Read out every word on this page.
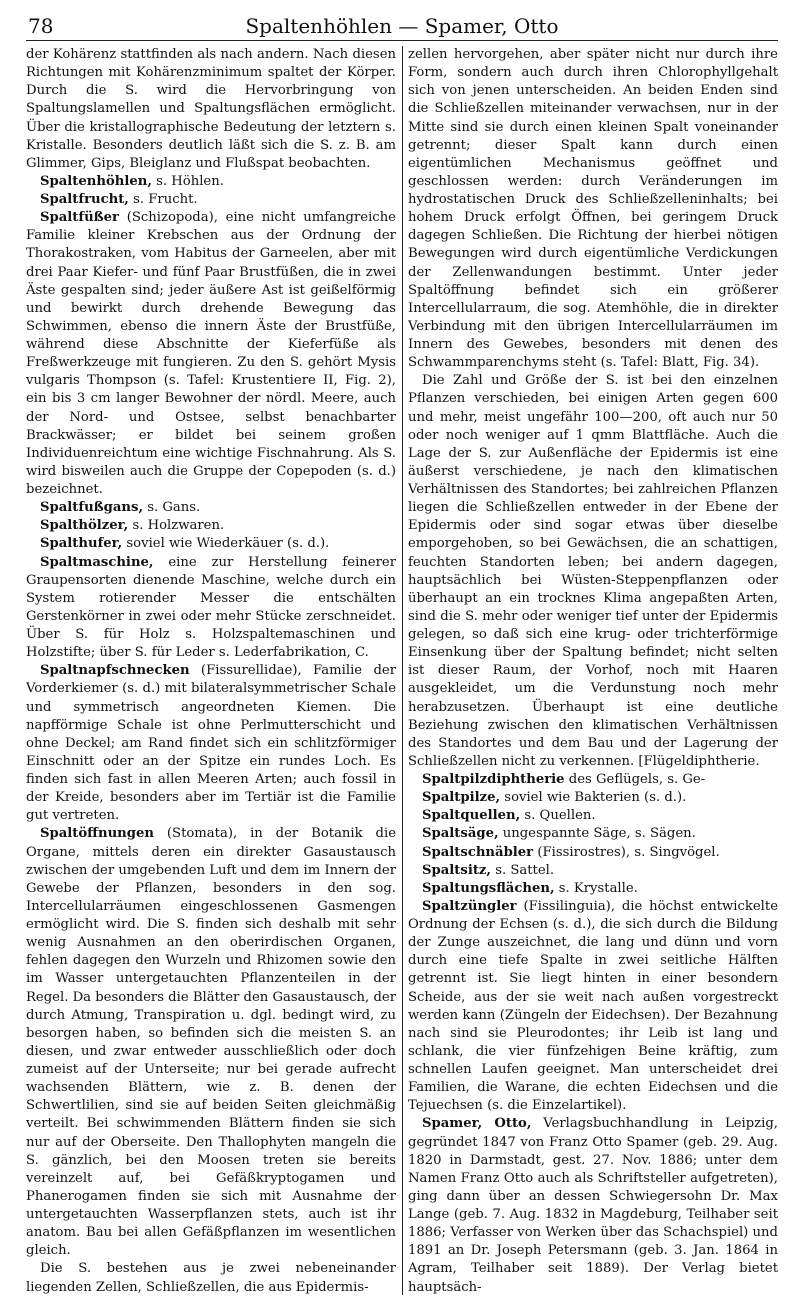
78	Spaltenhöhlen — Spamer, Otto

der Kohärenz stattfinden als nach andern. Nach diesen Richtungen mit Kohärenzminimum spaltet der Körper. Durch die S. wird die Hervorbringung von Spaltungslamellen und Spaltungsflächen ermöglicht. Über die kristallographische Bedeutung der letztern s. Kristalle. Besonders deutlich läßt sich die S. z. B. am Glimmer, Gips, Bleiglanz und Flußspat beobachten.

Spaltenhöhlen, s. Höhlen.

Spaltfrucht, s. Frucht.

Spaltfüßer (Schizopoda), eine nicht umfangreiche Familie kleiner Krebschen aus der Ordnung der Thorakostraken, vom Habitus der Garneelen, aber mit drei Paar Kiefer- und fünf Paar Brustfüßen, die in zwei Äste gespalten sind; jeder äußere Ast ist geißelförmig und bewirkt durch drehende Bewegung das Schwimmen, ebenso die innern Äste der Brustfüße, während diese Abschnitte der Kieferfüße als Freßwerkzeuge mit fungieren. Zu den S. gehört Mysis vulgaris Thompson (s. Tafel: Krustentiere II, Fig. 2), ein bis 3 cm langer Bewohner der nördl. Meere, auch der Nord- und Ostsee, selbst benachbarter Brackwässer; er bildet bei seinem großen Individuenreichtum eine wichtige Fischnahrung. Als S. wird bisweilen auch die Gruppe der Copepoden (s. d.) bezeichnet.

Spaltfußgans, s. Gans.

Spalthölzer, s. Holzwaren.

Spalthufer, soviel wie Wiederkäuer (s. d.).

Spaltmaschine, eine zur Herstellung feinerer Graupensorten dienende Maschine, welche durch ein System rotierender Messer die entschälten Gerstenkörner in zwei oder mehr Stücke zerschneidet. Über S. für Holz s. Holzspaltemaschinen und Holzstifte; über S. für Leder s. Lederfabrikation, C.

Spaltnapfschnecken (Fissurellidae), Familie der Vorderkiemer (s. d.) mit bilateralsymmetrischer Schale und symmetrisch angeordneten Kiemen. Die napfförmige Schale ist ohne Perlmutterschicht und ohne Deckel; am Rand findet sich ein schlitzförmiger Einschnitt oder an der Spitze ein rundes Loch. Es finden sich fast in allen Meeren Arten; auch fossil in der Kreide, besonders aber im Tertiär ist die Familie gut vertreten.

Spaltöffnungen (Stomata), in der Botanik die Organe, mittels deren ein direkter Gasaustausch zwischen der umgebenden Luft und dem im Innern der Gewebe der Pflanzen, besonders in den sog. Intercellularräumen eingeschlossenen Gasmengen ermöglicht wird. Die S. finden sich deshalb mit sehr wenig Ausnahmen an den oberirdischen Organen, fehlen dagegen den Wurzeln und Rhizomen sowie den im Wasser untergetauchten Pflanzenteilen in der Regel. Da besonders die Blätter den Gasaustausch, der durch Atmung, Transpiration u. dgl. bedingt wird, zu besorgen haben, so befinden sich die meisten S. an diesen, und zwar entweder ausschließlich oder doch zumeist auf der Unterseite; nur bei gerade aufrecht wachsenden Blättern, wie z. B. denen der Schwertlilien, sind sie auf beiden Seiten gleichmäßig verteilt. Bei schwimmenden Blättern finden sie sich nur auf der Oberseite. Den Thallophyten mangeln die S. gänzlich, bei den Moosen treten sie bereits vereinzelt auf, bei Gefäßkryptogamen und Phanerogamen finden sie sich mit Ausnahme der untergetauchten Wasserpflanzen stets, auch ist ihr anatom. Bau bei allen Gefäßpflanzen im wesentlichen gleich.

Die S. bestehen aus je zwei nebeneinander liegenden Zellen, Schließzellen, die aus Epidermis-

zellen hervorgehen, aber später nicht nur durch ihre Form, sondern auch durch ihren Chlorophyllgehalt sich von jenen unterscheiden. An beiden Enden sind die Schließzellen miteinander verwachsen, nur in der Mitte sind sie durch einen kleinen Spalt voneinander getrennt; dieser Spalt kann durch einen eigentümlichen Mechanismus geöffnet und geschlossen werden: durch Veränderungen im hydrostatischen Druck des Schließzelleninhalts; bei hohem Druck erfolgt Öffnen, bei geringem Druck dagegen Schließen. Die Richtung der hierbei nötigen Bewegungen wird durch eigentümliche Verdickungen der Zellenwandungen bestimmt. Unter jeder Spaltöffnung befindet sich ein größerer Intercellularraum, die sog. Atemhöhle, die in direkter Verbindung mit den übrigen Intercellularräumen im Innern des Gewebes, besonders mit denen des Schwammparenchyms steht (s. Tafel: Blatt, Fig. 34).

Die Zahl und Größe der S. ist bei den einzelnen Pflanzen verschieden, bei einigen Arten gegen 600 und mehr, meist ungefähr 100—200, oft auch nur 50 oder noch weniger auf 1 qmm Blattfläche. Auch die Lage der S. zur Außenfläche der Epidermis ist eine äußerst verschiedene, je nach den klimatischen Verhältnissen des Standortes; bei zahlreichen Pflanzen liegen die Schließzellen entweder in der Ebene der Epidermis oder sind sogar etwas über dieselbe emporgehoben, so bei Gewächsen, die an schattigen, feuchten Standorten leben; bei andern dagegen, hauptsächlich bei Wüsten-Steppenpflanzen oder überhaupt an ein trocknes Klima angepaßten Arten, sind die S. mehr oder weniger tief unter der Epidermis gelegen, so daß sich eine krug- oder trichterförmige Einsenkung über der Spaltung befindet; nicht selten ist dieser Raum, der Vorhof, noch mit Haaren ausgekleidet, um die Verdunstung noch mehr herabzusetzen. Überhaupt ist eine deutliche Beziehung zwischen den klimatischen Verhältnissen des Standortes und dem Bau und der Lagerung der Schließzellen nicht zu verkennen. [Flügeldiphtherie.

Spaltpilzdiphtherie des Geflügels, s. Ge-

Spaltpilze, soviel wie Bakterien (s. d.).

Spaltquellen, s. Quellen.

Spaltsäge, ungespannte Säge, s. Sägen.

Spaltschnäbler (Fissirostres), s. Singvögel.

Spaltsitz, s. Sattel.

Spaltungsflächen, s. Krystalle.

Spaltzüngler (Fissilinguia), die höchst entwickelte Ordnung der Echsen (s. d.), die sich durch die Bildung der Zunge auszeichnet, die lang und dünn und vorn durch eine tiefe Spalte in zwei seitliche Hälften getrennt ist. Sie liegt hinten in einer besondern Scheide, aus der sie weit nach außen vorgestreckt werden kann (Züngeln der Eidechsen). Der Bezahnung nach sind sie Pleurodontes; ihr Leib ist lang und schlank, die vier fünfzehigen Beine kräftig, zum schnellen Laufen geeignet. Man unterscheidet drei Familien, die Warane, die echten Eidechsen und die Tejuechsen (s. die Einzelartikel).

Spamer, Otto, Verlagsbuchhandlung in Leipzig, gegründet 1847 von Franz Otto Spamer (geb. 29. Aug. 1820 in Darmstadt, gest. 27. Nov. 1886; unter dem Namen Franz Otto auch als Schriftsteller aufgetreten), ging dann über an dessen Schwiegersohn Dr. Max Lange (geb. 7. Aug. 1832 in Magdeburg, Teilhaber seit 1886; Verfasser von Werken über das Schachspiel) und 1891 an Dr. Joseph Petersmann (geb. 3. Jan. 1864 in Agram, Teilhaber seit 1889). Der Verlag bietet hauptsäch-
